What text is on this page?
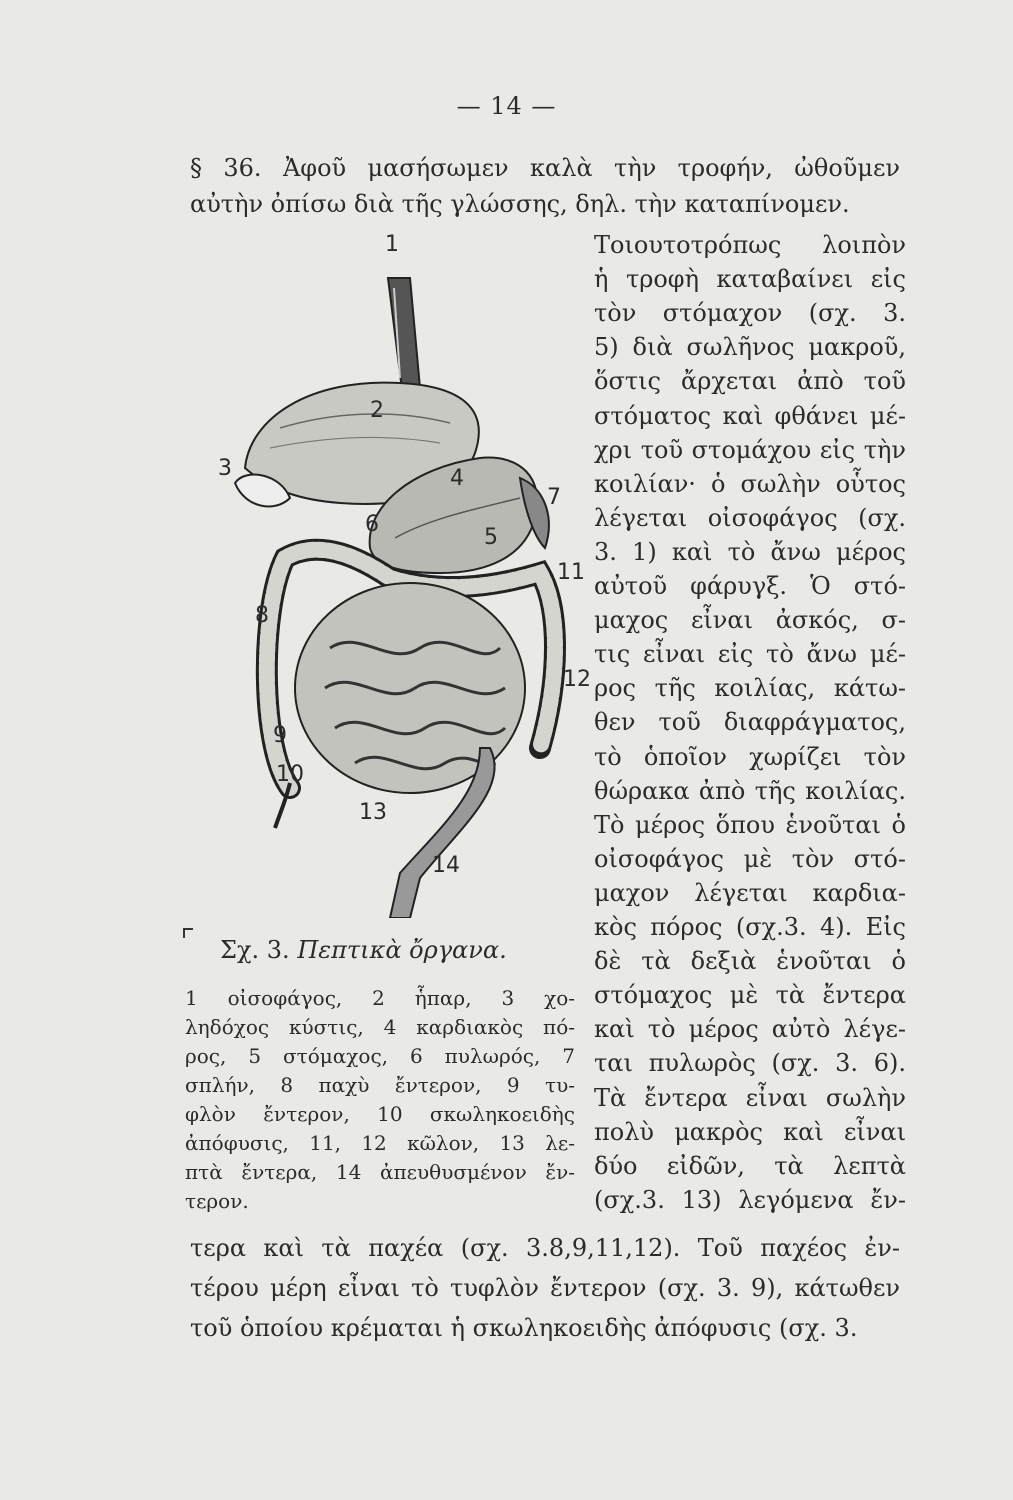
— 14 —
§ 36. Ἀφοῦ μασήσωμεν καλὰ τὴν τροφήν, ὠθοῦμεν
αὐτὴν ὀπίσω διὰ τῆς γλώσσης, δηλ. τὴν καταπίνομεν.
Τοιουτοτρόπως λοιπὸν
ἡ τροφὴ καταβαίνει εἰς
τὸν στόμαχον (σχ. 3.
5) διὰ σωλῆνος μακροῦ,
ὅστις ἄρχεται ἀπὸ τοῦ
στόματος καὶ φθάνει μέ-
χρι τοῦ στομάχου εἰς τὴν
κοιλίαν· ὁ σωλὴν οὗτος
λέγεται οἰσοφάγος (σχ.
3. 1) καὶ τὸ ἄνω μέρος
αὐτοῦ φάρυγξ. Ὁ στό-
μαχος εἶναι ἀσκός, σ-
τις εἶναι εἰς τὸ ἄνω μέ-
ρος τῆς κοιλίας, κάτω-
θεν τοῦ διαφράγματος,
τὸ ὁποῖον χωρίζει τὸν
θώρακα ἀπὸ τῆς κοιλίας.
Τὸ μέρος ὅπου ἑνοῦται ὁ
οἰσοφάγος μὲ τὸν στό-
μαχον λέγεται καρδια-
κὸς πόρος (σχ.3. 4). Εἰς
δὲ τὰ δεξιὰ ἑνοῦται ὁ
στόμαχος μὲ τὰ ἔντερα
καὶ τὸ μέρος αὐτὸ λέγε-
ται πυλωρὸς (σχ. 3. 6).
Τὰ ἔντερα εἶναι σωλὴν
πολὺ μακρὸς καὶ εἶναι
δύο εἰδῶν, τὰ λεπτὰ
(σχ.3. 13) λεγόμενα ἔν-
1
2
3	4
5
6
7
8
9
10
11
12
13
14
Σχ. 3. Πεπτικὰ ὄργανα.
1 οἰσοφάγος, 2 ἧπαρ, 3 χο-
ληδόχος κύστις, 4 καρδιακὸς πό-
ρος, 5 στόμαχος, 6 πυλωρός, 7
σπλήν, 8 παχὺ ἔντερον, 9 τυ-
φλὸν ἔντερον, 10 σκωληκοειδὴς
ἀπόφυσις, 11, 12 κῶλον, 13 λε-
πτὰ ἔντερα, 14 ἀπευθυσμένον ἔν-
τερον.
τερα καὶ τὰ παχέα (σχ. 3.8,9,11,12). Τοῦ παχέος ἐν-
τέρου μέρη εἶναι τὸ τυφλὸν ἔντερον (σχ. 3. 9), κάτωθεν
τοῦ ὁποίου κρέμαται ἡ σκωληκοειδὴς ἀπόφυσις (σχ. 3.
